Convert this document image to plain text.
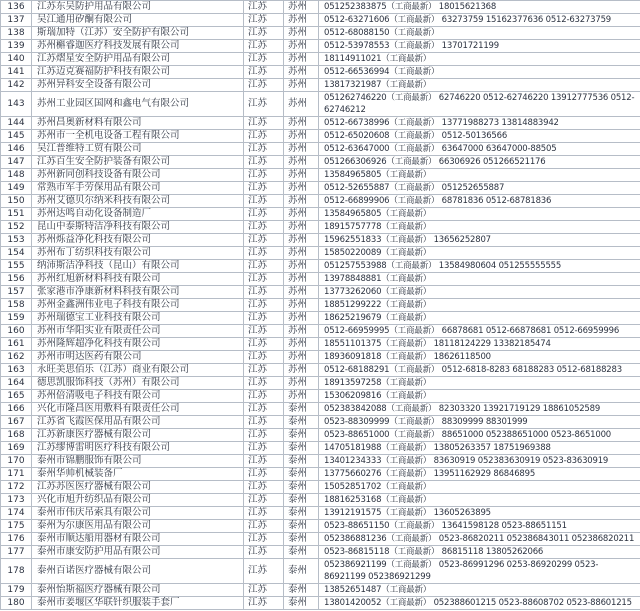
136	江苏东吴防护用品有限公司	江苏	苏州	051252383875（工商最新） 18015621368
137	吴江通用矽酮有限公司	江苏	苏州	0512-63271606（工商最新） 63273759 15162377636 0512-63273759
138	斯瑞加特（江苏）安全防护有限公司	江苏	苏州	0512-68088150（工商最新）
139	苏州槲睿迦医疗科技发展有限公司	江苏	苏州	0512-53978553（工商最新） 13701721199
140	江苏熠星安全防护用品有限公司	江苏	苏州	18114911021（工商最新）
141	江苏迈克赛福防护科技有限公司	江苏	苏州	0512-66536994（工商最新）
142	苏州异科安全设备有限公司	江苏	苏州	13817321987（工商最新）
143	苏州工业园区国网和鑫电气有限公司	江苏	苏州	051262746220（工商最新） 62746220 0512-62746220 13912777536 0512-62746212
144	苏州昌奥新材料有限公司	江苏	苏州	0512-66738996（工商最新） 13771988273 13814883942
145	苏州市一全机电设备工程有限公司	江苏	苏州	0512-65020608（工商最新） 0512-50136566
146	吴江普维特工贸有限公司	江苏	苏州	0512-63647000（工商最新） 63647000 63647000-88505
147	江苏百生安全防护装备有限公司	江苏	苏州	051266306926（工商最新） 66306926 051266521176
148	苏州新同创科技设备有限公司	江苏	苏州	13584965805（工商最新）
149	常熟市军手劳保用品有限公司	江苏	苏州	0512-52655887（工商最新） 051252655887
150	苏州艾德贝尔纳米科技有限公司	江苏	苏州	0512-66899906（工商最新） 68781836 0512-68781836
151	苏州达鸣自动化设备制造厂	江苏	苏州	13584965805（工商最新）
152	昆山中泰斯特洁净科技有限公司	江苏	苏州	18915757778（工商最新）
153	苏州烁益净化科技有限公司	江苏	苏州	15962551833（工商最新） 13656252807
154	苏州布丁纺织科技有限公司	江苏	苏州	15850220089（工商最新）
155	纳沛斯洁净科技（昆山）有限公司	江苏	苏州	051257553988（工商最新） 13584980604 051255555555
156	苏州红旭新材料科技有限公司	江苏	苏州	13978848881（工商最新）
157	张家港市净康新材料科技有限公司	江苏	苏州	13773262060（工商最新）
158	苏州金鑫洲伟业电子科技有限公司	江苏	苏州	18851299222（工商最新）
159	苏州瑞德宝工业科技有限公司	江苏	苏州	18625219679（工商最新）
160	苏州市华阳实业有限责任公司	江苏	苏州	0512-66959995（工商最新） 66878681 0512-66878681 0512-66959996
161	苏州隆辉超净化科技有限公司	江苏	苏州	18551101375（工商最新） 18118124229 13382185474
162	苏州市明达医药有限公司	江苏	苏州	18936091818（工商最新） 18626118500
163	永旺美思佰乐（江苏）商业有限公司	江苏	苏州	0512-68188291（工商最新） 0512-6818-8283 68188283 0512-68188283
164	德思凯服饰科技（苏州）有限公司	江苏	苏州	18913597258（工商最新）
165	苏州倍清吸电子科技有限公司	江苏	苏州	15306209816（工商最新）
166	兴化市隆昌医用敷料有限责任公司	江苏	泰州	052383842088（工商最新） 82303320 13921719129 18861052589
167	江苏省飞霞医保用品有限公司	江苏	泰州	0523-88309999（工商最新） 88309999 88301999
168	江苏新康医疗器械有限公司	江苏	泰州	0523-88651000（工商最新） 88651000 052388651000 0523-8651000
169	江苏缪博雷明医疗科技有限公司	江苏	泰州	14705181988（工商最新） 13805263357 18751969388
170	泰州市锦鹏服饰有限公司	江苏	泰州	13401234333（工商最新） 83630919 052383630919 0523-83630919
171	泰州华帅机械装备厂	江苏	泰州	13775660276（工商最新） 13951162929 86846895
172	江苏苏医医疗器械有限公司	江苏	泰州	15052851702（工商最新）
173	兴化市旭升纺织品有限公司	江苏	泰州	18816253168（工商最新）
174	泰州市伟庆吊索具有限公司	江苏	泰州	13912191575（工商最新） 13605263895
175	泰州为尔康医用品有限公司	江苏	泰州	0523-88651150（工商最新） 13641598128 0523-88651151
176	泰州市顺达船用器材有限公司	江苏	泰州	052386881236（工商最新） 0523-86820211 052386843011 052386820211
177	泰州市康安防护用品有限公司	江苏	泰州	0523-86815118（工商最新） 86815118 13805262066
178	泰州百诺医疗器械有限公司	江苏	泰州	052386921199（工商最新） 0523-86991296 0253-86920299 0523-86921199 052386921299
179	泰州怡斯福医疗器械有限公司	江苏	泰州	13852651487（工商最新）
180	泰州市姜堰区华联针织服装手套厂	江苏	泰州	13801420052（工商最新） 052388601215 0523-88608702 0523-88601215
